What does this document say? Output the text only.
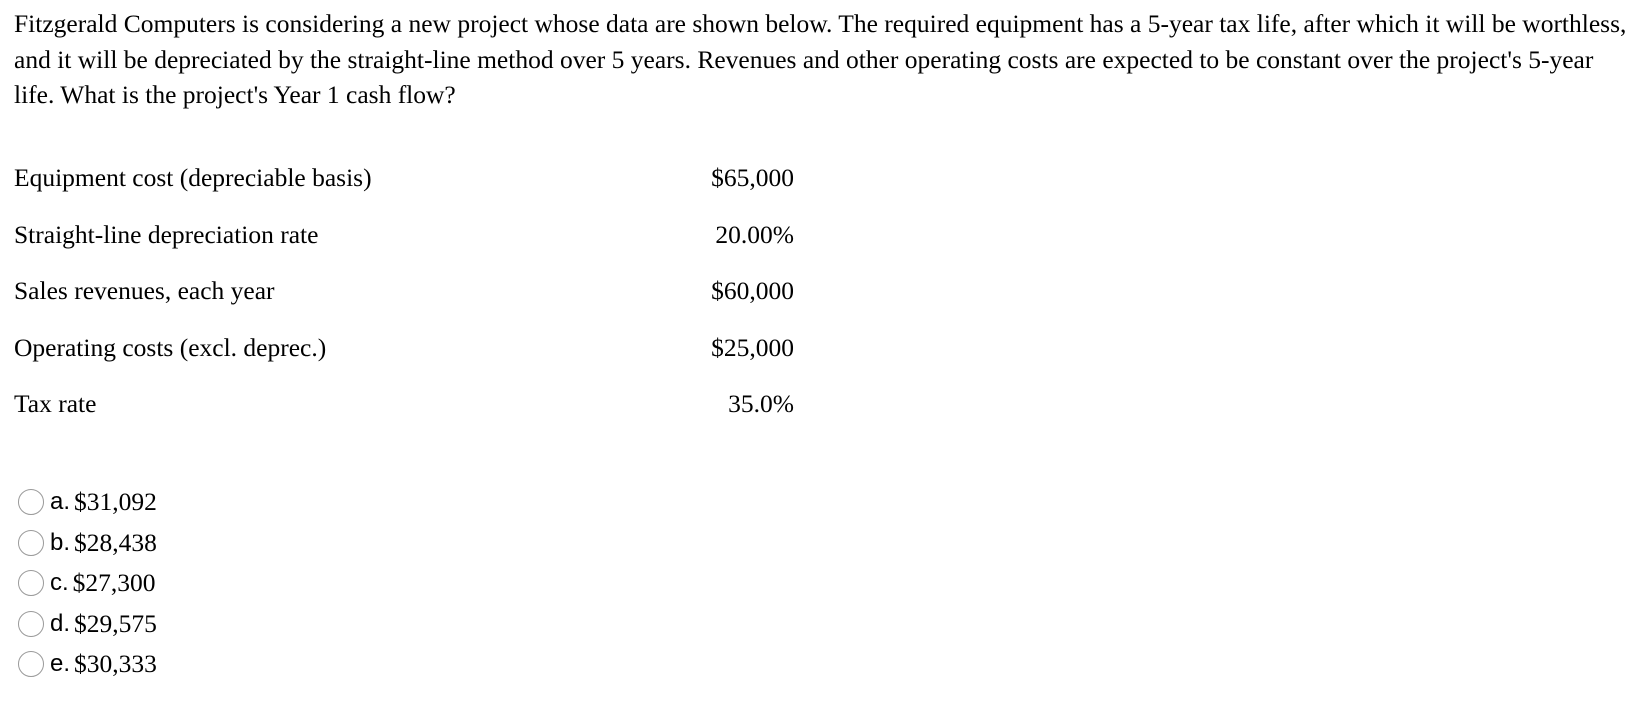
Fitzgerald Computers is considering a new project whose data are shown below. The required equipment has a 5-year tax life, after which it will be worthless, and it will be depreciated by the straight-line method over 5 years. Revenues and other operating costs are expected to be constant over the project's 5-year life. What is the project's Year 1 cash flow?

Equipment cost (depreciable basis)	$65,000
Straight-line depreciation rate	20.00%
Sales revenues, each year	$60,000
Operating costs (excl. deprec.)	$25,000
Tax rate	35.0%
a. $31,092
b. $28,438
c. $27,300
d. $29,575
e. $30,333
